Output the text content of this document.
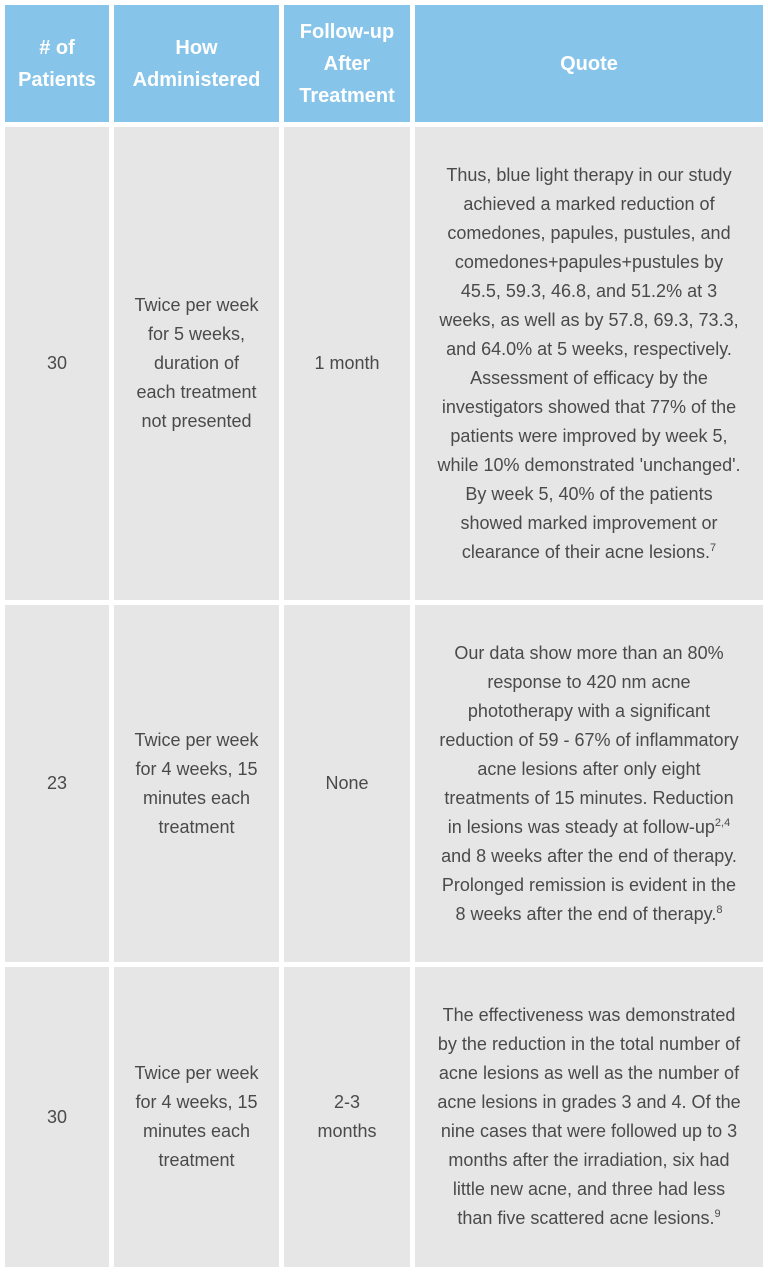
# of Patients	How Administered	Follow-up After Treatment	Quote
30	Twice per week for 5 weeks, duration of each treatment not presented	1 month	Thus, blue light therapy in our study achieved a marked reduction of comedones, papules, pustules, and comedones+papules+pustules by 45.5, 59.3, 46.8, and 51.2% at 3 weeks, as well as by 57.8, 69.3, 73.3, and 64.0% at 5 weeks, respectively. Assessment of efficacy by the investigators showed that 77% of the patients were improved by week 5, while 10% demonstrated 'unchanged'. By week 5, 40% of the patients showed marked improvement or clearance of their acne lesions.$^7$
23	Twice per week for 4 weeks, 15 minutes each treatment	None	Our data show more than an 80% response to 420 nm acne phototherapy with a significant reduction of 59 - 67% of inflammatory acne lesions after only eight treatments of 15 minutes. Reduction in lesions was steady at follow-up$^{2,4}$ and 8 weeks after the end of therapy. Prolonged remission is evident in the 8 weeks after the end of therapy.$^8$
30	Twice per week for 4 weeks, 15 minutes each treatment	2-3 months	The effectiveness was demonstrated by the reduction in the total number of acne lesions as well as the number of acne lesions in grades 3 and 4. Of the nine cases that were followed up to 3 months after the irradiation, six had little new acne, and three had less than five scattered acne lesions.$^9$
